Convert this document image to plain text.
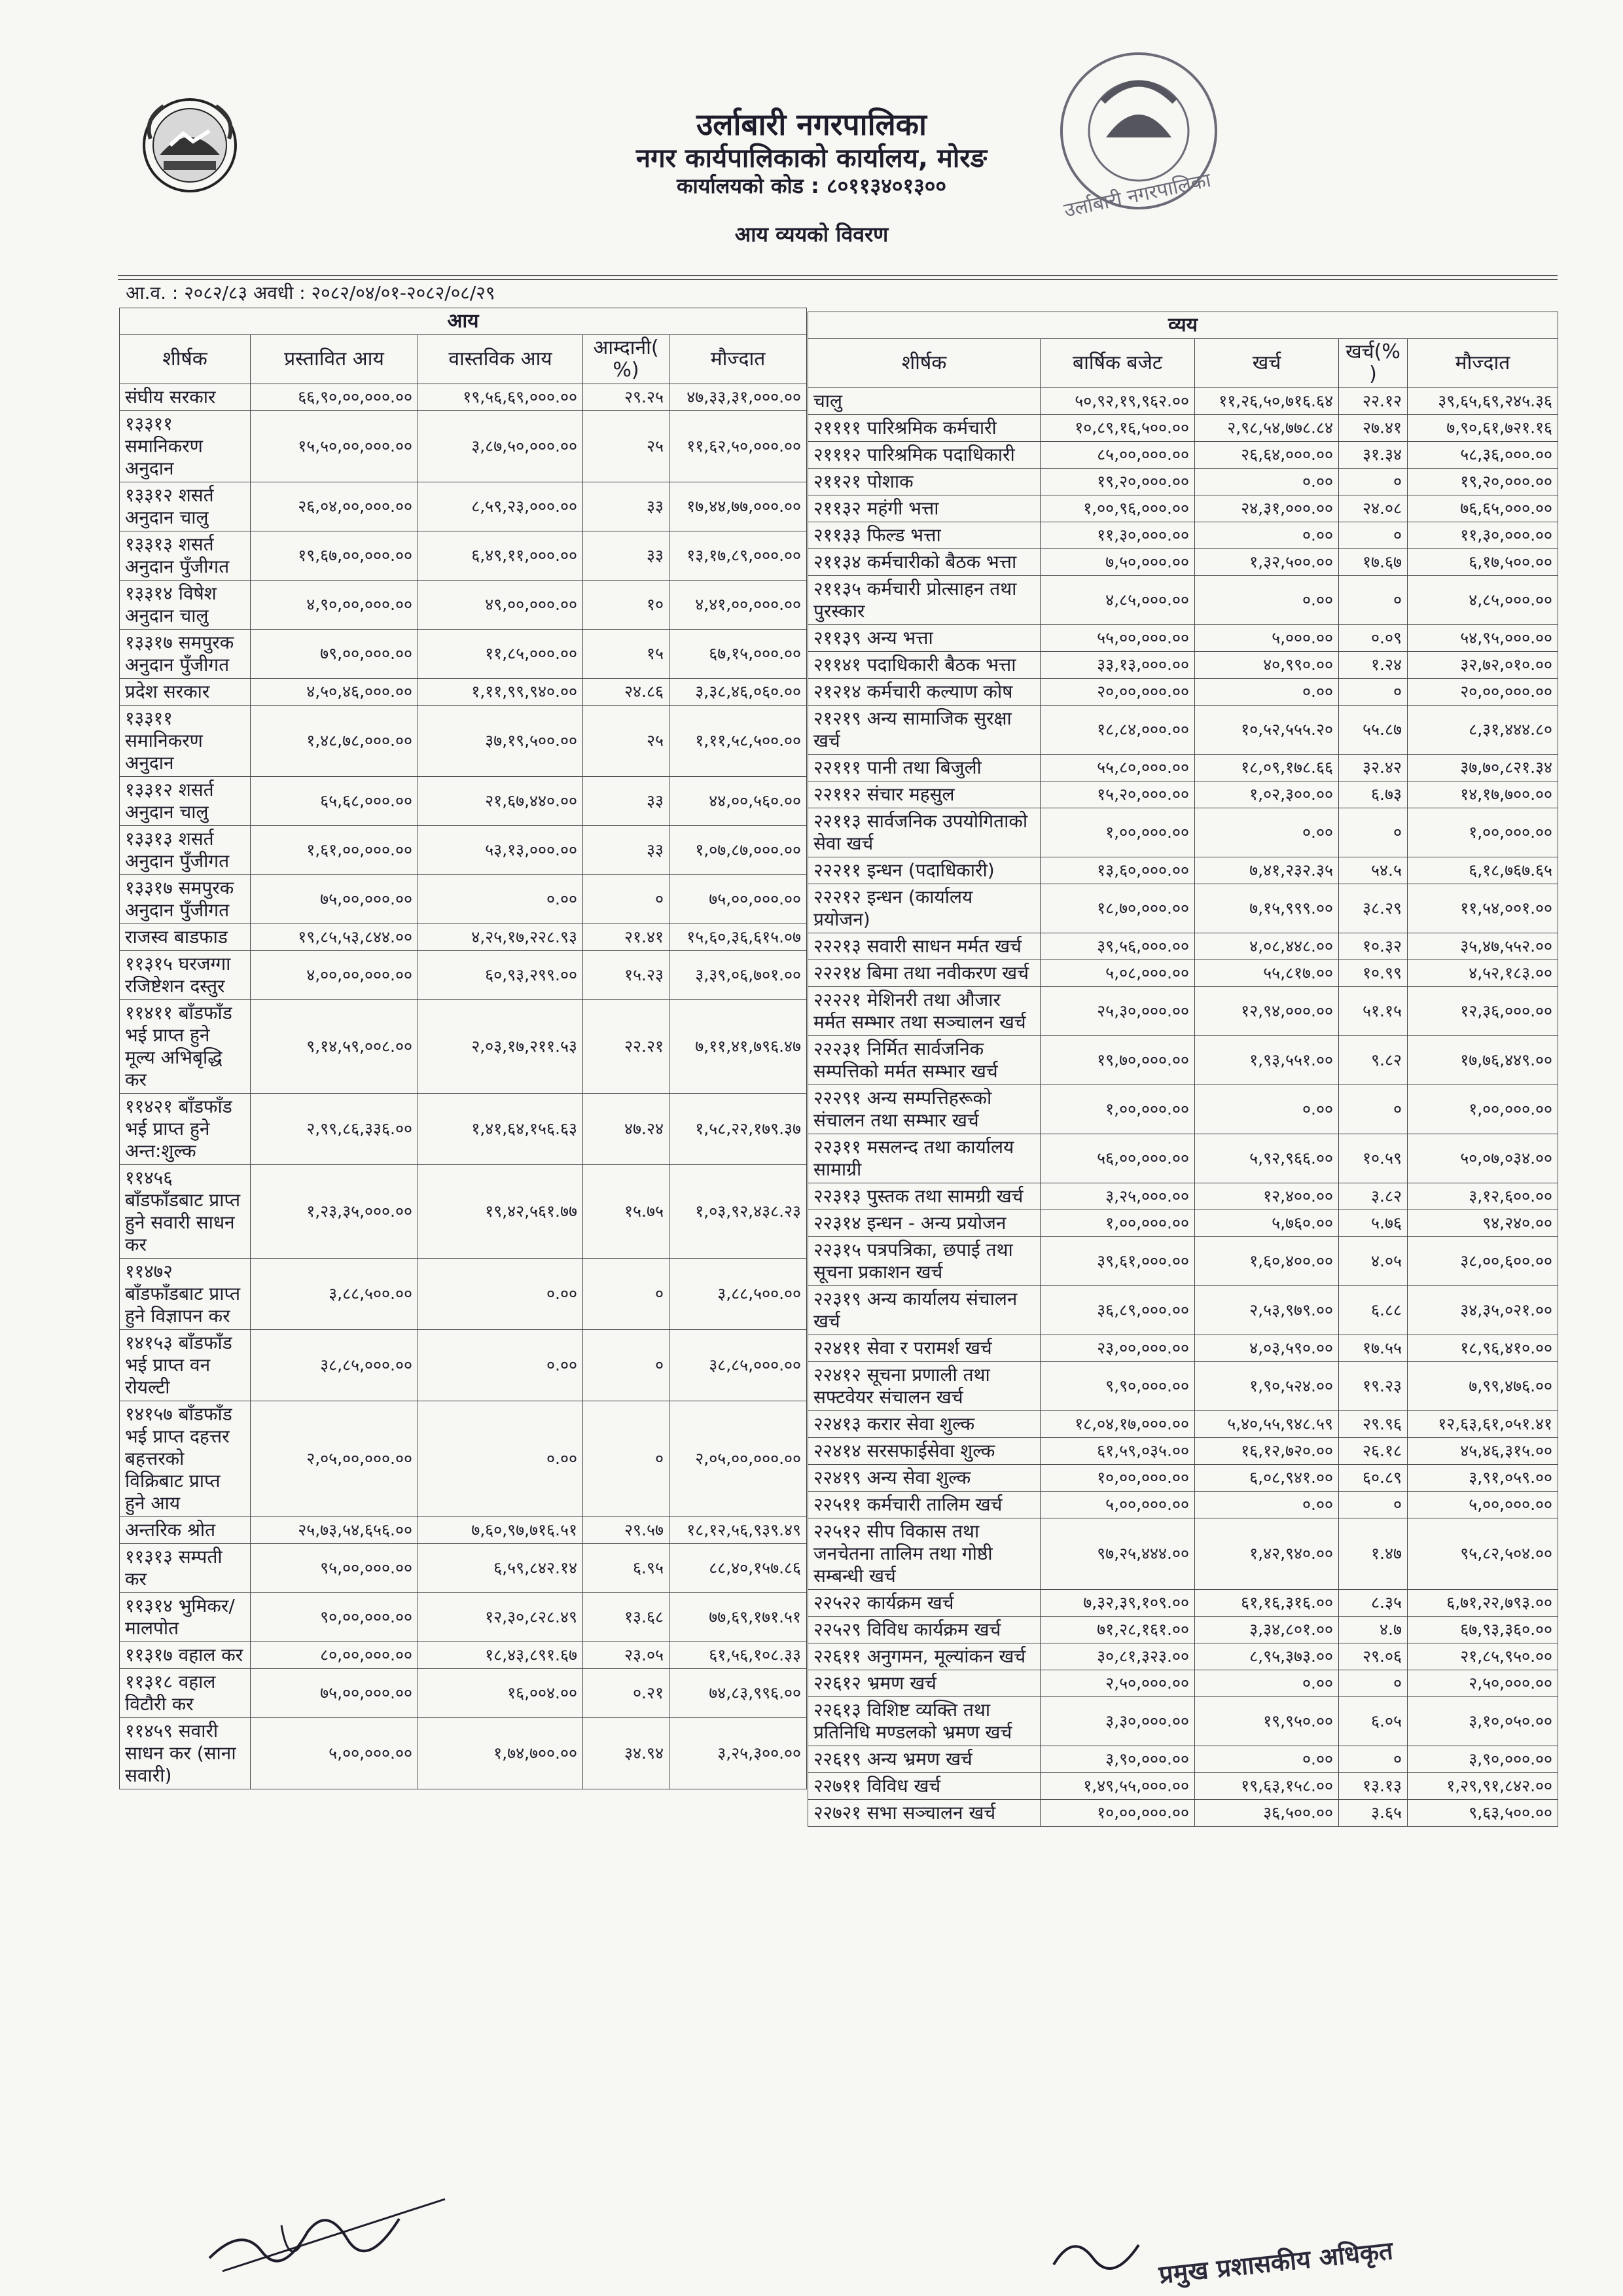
उर्लाबारी नगरपालिका
उर्लाबारी नगरपालिका
नगर कार्यपालिकाको कार्यालय, मोरङ
कार्यालयको कोड : ८०११३४०१३००
आय व्ययको विवरण
आ.व. : २०८२/८३ अवधी : २०८२/०४/०१-२०८२/०८/२९
आय				
शीर्षक	प्रस्तावित आय	वास्तविक आय	आम्दानी(%)	मौज्दात
संघीय सरकार	६६,९०,००,०००.००	१९,५६,६९,०००.००	२९.२५	४७,३३,३१,०००.००
१३३११ समानिकरण अनुदान	१५,५०,००,०००.००	३,८७,५०,०००.००	२५	११,६२,५०,०००.००
१३३१२ शसर्त अनुदान चालु	२६,०४,००,०००.००	८,५९,२३,०००.००	३३	१७,४४,७७,०००.००
१३३१३ शसर्त अनुदान पुँजीगत	१९,६७,००,०००.००	६,४९,११,०००.००	३३	१३,१७,८९,०००.००
१३३१४ विषेश अनुदान चालु	४,९०,००,०००.००	४९,००,०००.००	१०	४,४१,००,०००.००
१३३१७ समपुरक अनुदान पुँजीगत	७९,००,०००.००	११,८५,०००.००	१५	६७,१५,०००.००
प्रदेश सरकार	४,५०,४६,०००.००	१,११,९९,९४०.००	२४.८६	३,३८,४६,०६०.००
१३३११ समानिकरण अनुदान	१,४८,७८,०००.००	३७,१९,५००.००	२५	१,११,५८,५००.००
१३३१२ शसर्त अनुदान चालु	६५,६८,०००.००	२१,६७,४४०.००	३३	४४,००,५६०.००
१३३१३ शसर्त अनुदान पुँजीगत	१,६१,००,०००.००	५३,१३,०००.००	३३	१,०७,८७,०००.००
१३३१७ समपुरक अनुदान पुँजीगत	७५,००,०००.००	०.००	०	७५,००,०००.००
राजस्व बाडफाड	१९,८५,५३,८४४.००	४,२५,१७,२२८.९३	२१.४१	१५,६०,३६,६१५.०७
११३१५ घरजग्गा रजिष्टेशन दस्तुर	४,००,००,०००.००	६०,९३,२९९.००	१५.२३	३,३९,०६,७०१.००
११४११ बाँडफाँड भई प्राप्त हुने मूल्य अभिबृद्धि कर	९,१४,५९,००८.००	२,०३,१७,२११.५३	२२.२१	७,११,४१,७९६.४७
११४२१ बाँडफाँड भई प्राप्त हुने अन्त:शुल्क	२,९९,८६,३३६.००	१,४१,६४,१५६.६३	४७.२४	१,५८,२२,१७९.३७
११४५६ बाँडफाँडबाट प्राप्त हुने सवारी साधन कर	१,२३,३५,०००.००	१९,४२,५६१.७७	१५.७५	१,०३,९२,४३८.२३
११४७२ बाँडफाँडबाट प्राप्त हुने विज्ञापन कर	३,८८,५००.००	०.००	०	३,८८,५००.००
१४१५३ बाँडफाँड भई प्राप्त वन रोयल्टी	३८,८५,०००.००	०.००	०	३८,८५,०००.००
१४१५७ बाँडफाँड भई प्राप्त दहत्तर बहत्तरको विक्रिबाट प्राप्त हुने आय	२,०५,००,०००.००	०.००	०	२,०५,००,०००.००
अन्तरिक श्रोत	२५,७३,५४,६५६.००	७,६०,९७,७१६.५१	२९.५७	१८,१२,५६,९३९.४९
११३१३ सम्पती कर	९५,००,०००.००	६,५९,८४२.१४	६.९५	८८,४०,१५७.८६
११३१४ भुमिकर/ मालपोत	९०,००,०००.००	१२,३०,८२८.४९	१३.६८	७७,६९,१७१.५१
११३१७ वहाल कर	८०,००,०००.००	१८,४३,८९१.६७	२३.०५	६१,५६,१०८.३३
११३१८ वहाल विटौरी कर	७५,००,०००.००	१६,००४.००	०.२१	७४,८३,९९६.००
११४५९ सवारी साधन कर (साना सवारी)	५,००,०००.००	१,७४,७००.००	३४.९४	३,२५,३००.००
व्यय				
शीर्षक	बार्षिक बजेट	खर्च	खर्च(%)	मौज्दात
चालु	५०,९२,१९,९६२.००	११,२६,५०,७१६.६४	२२.१२	३९,६५,६९,२४५.३६
२११११ पारिश्रमिक कर्मचारी	१०,८९,१६,५००.००	२,९८,५४,७७८.८४	२७.४१	७,९०,६१,७२१.१६
२१११२ पारिश्रमिक पदाधिकारी	८५,००,०००.००	२६,६४,०००.००	३१.३४	५८,३६,०००.००
२११२१ पोशाक	१९,२०,०००.००	०.००	०	१९,२०,०००.००
२११३२ महंगी भत्ता	१,००,९६,०००.००	२४,३१,०००.००	२४.०८	७६,६५,०००.००
२११३३ फिल्ड भत्ता	११,३०,०००.००	०.००	०	११,३०,०००.००
२११३४ कर्मचारीको बैठक भत्ता	७,५०,०००.००	१,३२,५००.००	१७.६७	६,१७,५००.००
२११३५ कर्मचारी प्रोत्साहन तथा पुरस्कार	४,८५,०००.००	०.००	०	४,८५,०००.००
२११३९ अन्य भत्ता	५५,००,०००.००	५,०००.००	०.०९	५४,९५,०००.००
२११४१ पदाधिकारी बैठक भत्ता	३३,१३,०००.००	४०,९९०.००	१.२४	३२,७२,०१०.००
२१२१४ कर्मचारी कल्याण कोष	२०,००,०००.००	०.००	०	२०,००,०००.००
२१२१९ अन्य सामाजिक सुरक्षा खर्च	१८,८४,०००.००	१०,५२,५५५.२०	५५.८७	८,३१,४४४.८०
२२१११ पानी तथा बिजुली	५५,८०,०००.००	१८,०९,१७८.६६	३२.४२	३७,७०,८२१.३४
२२११२ संचार महसुल	१५,२०,०००.००	१,०२,३००.००	६.७३	१४,१७,७००.००
२२११३ सार्वजनिक उपयोगिताको सेवा खर्च	१,००,०००.००	०.००	०	१,००,०००.००
२२२११ इन्धन (पदाधिकारी)	१३,६०,०००.००	७,४१,२३२.३५	५४.५	६,१८,७६७.६५
२२२१२ इन्धन (कार्यालय प्रयोजन)	१८,७०,०००.००	७,१५,९९९.००	३८.२९	११,५४,००१.००
२२२१३ सवारी साधन मर्मत खर्च	३९,५६,०००.००	४,०८,४४८.००	१०.३२	३५,४७,५५२.००
२२२१४ बिमा तथा नवीकरण खर्च	५,०८,०००.००	५५,८१७.००	१०.९९	४,५२,१८३.००
२२२२१ मेशिनरी तथा औजार मर्मत सम्भार तथा सञ्चालन खर्च	२५,३०,०००.००	१२,९४,०००.००	५१.१५	१२,३६,०००.००
२२२३१ निर्मित सार्वजनिक सम्पत्तिको मर्मत सम्भार खर्च	१९,७०,०००.००	१,९३,५५१.००	९.८२	१७,७६,४४९.००
२२२९१ अन्य सम्पत्तिहरूको संचालन तथा सम्भार खर्च	१,००,०००.००	०.००	०	१,००,०००.००
२२३११ मसलन्द तथा कार्यालय सामाग्री	५६,००,०००.००	५,९२,९६६.००	१०.५९	५०,०७,०३४.००
२२३१३ पुस्तक तथा सामग्री खर्च	३,२५,०००.००	१२,४००.००	३.८२	३,१२,६००.००
२२३१४ इन्धन - अन्य प्रयोजन	१,००,०००.००	५,७६०.००	५.७६	९४,२४०.००
२२३१५ पत्रपत्रिका, छपाई तथा सूचना प्रकाशन खर्च	३९,६१,०००.००	१,६०,४००.००	४.०५	३८,००,६००.००
२२३१९ अन्य कार्यालय संचालन खर्च	३६,८९,०००.००	२,५३,९७९.००	६.८८	३४,३५,०२१.००
२२४११ सेवा र परामर्श खर्च	२३,००,०००.००	४,०३,५९०.००	१७.५५	१८,९६,४१०.००
२२४१२ सूचना प्रणाली तथा सफ्टवेयर संचालन खर्च	९,९०,०००.००	१,९०,५२४.००	१९.२३	७,९९,४७६.००
२२४१३ करार सेवा शुल्क	१८,०४,१७,०००.००	५,४०,५५,९४८.५९	२९.९६	१२,६३,६१,०५१.४१
२२४१४ सरसफाईसेवा शुल्क	६१,५९,०३५.००	१६,१२,७२०.००	२६.१८	४५,४६,३१५.००
२२४१९ अन्य सेवा शुल्क	१०,००,०००.००	६,०८,९४१.००	६०.८९	३,९१,०५९.००
२२५११ कर्मचारी तालिम खर्च	५,००,०००.००	०.००	०	५,००,०००.००
२२५१२ सीप विकास तथा जनचेतना तालिम तथा गोष्ठी सम्बन्धी खर्च	९७,२५,४४४.००	१,४२,९४०.००	१.४७	९५,८२,५०४.००
२२५२२ कार्यक्रम खर्च	७,३२,३९,१०९.००	६१,१६,३१६.००	८.३५	६,७१,२२,७९३.००
२२५२९ विविध कार्यक्रम खर्च	७१,२८,१६१.००	३,३४,८०१.००	४.७	६७,९३,३६०.००
२२६११ अनुगमन, मूल्यांकन खर्च	३०,८१,३२३.००	८,९५,३७३.००	२९.०६	२१,८५,९५०.००
२२६१२ भ्रमण खर्च	२,५०,०००.००	०.००	०	२,५०,०००.००
२२६१३ विशिष्ट व्यक्ति तथा प्रतिनिधि मण्डलको भ्रमण खर्च	३,३०,०००.००	१९,९५०.००	६.०५	३,१०,०५०.००
२२६१९ अन्य भ्रमण खर्च	३,९०,०००.००	०.००	०	३,९०,०००.००
२२७११ विविध खर्च	१,४९,५५,०००.००	१९,६३,१५८.००	१३.१३	१,२९,९१,८४२.००
२२७२१ सभा सञ्चालन खर्च	१०,००,०००.००	३६,५००.००	३.६५	९,६३,५००.००
प्रमुख प्रशासकीय अधिकृत
